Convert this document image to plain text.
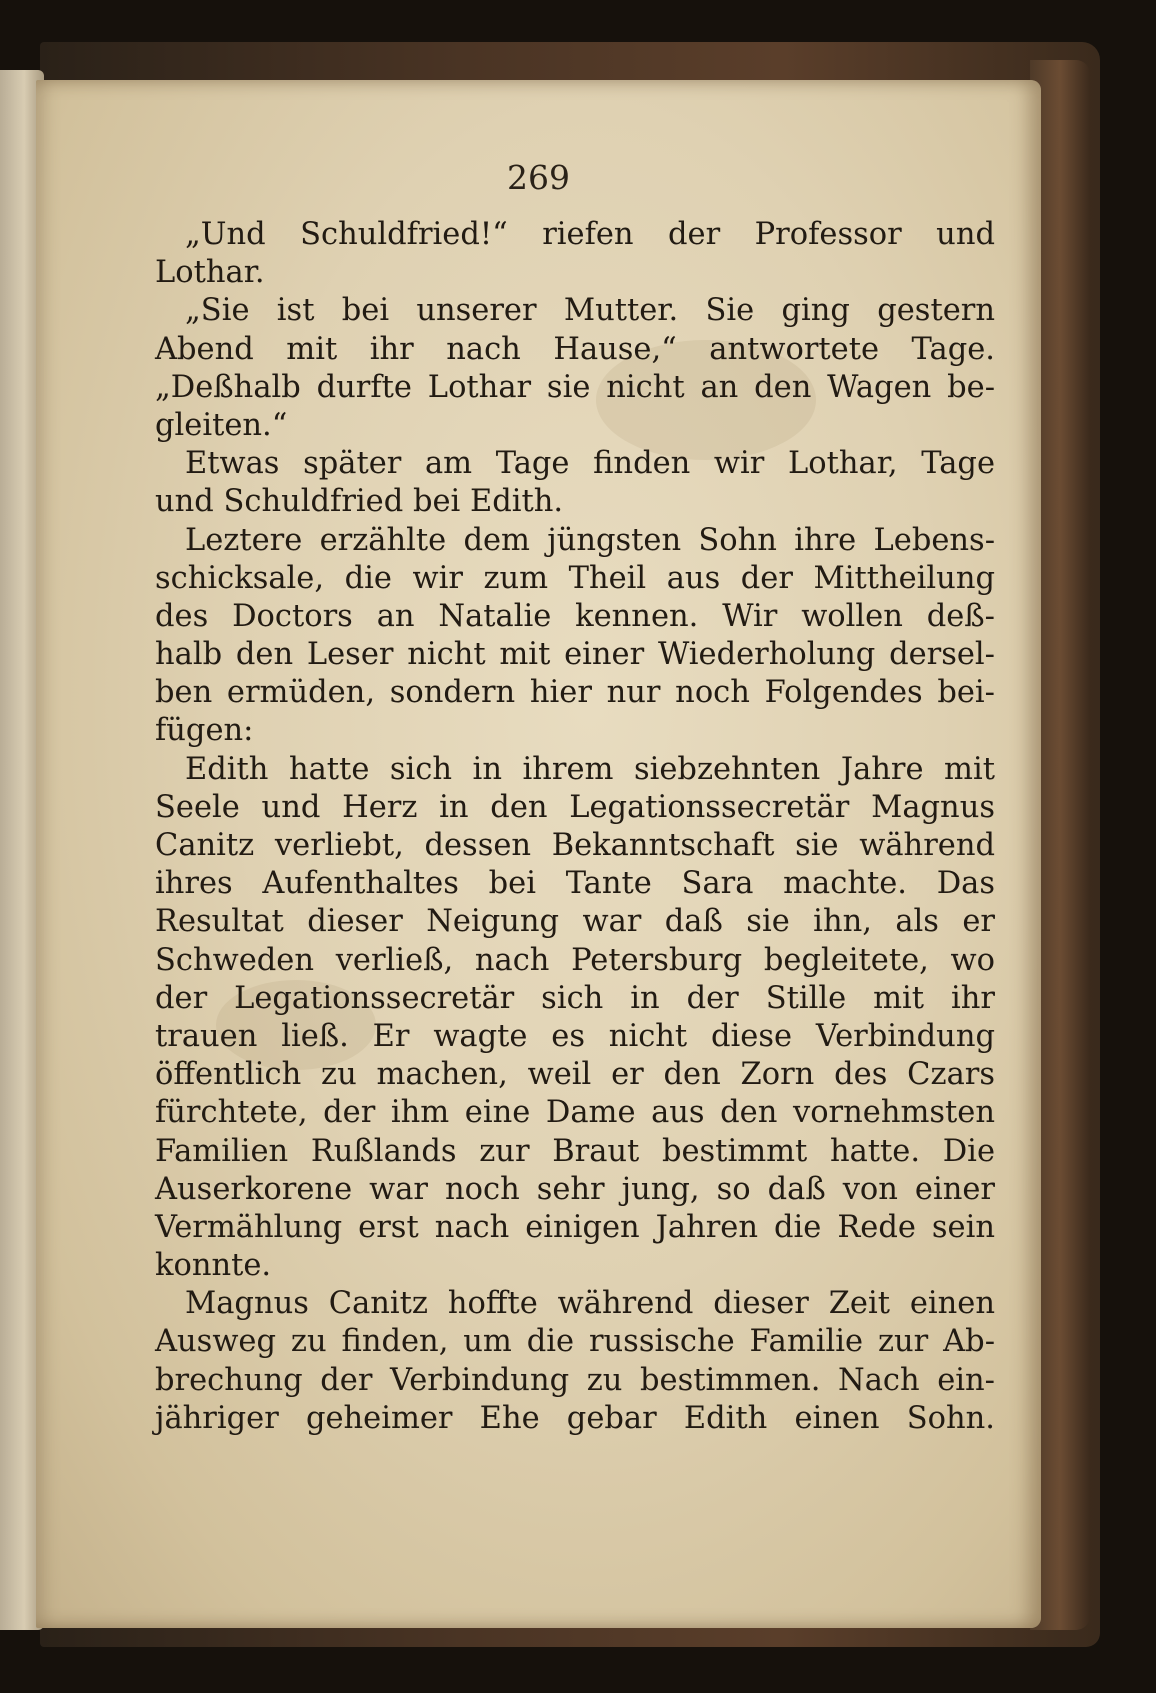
269
„Und Schuldfried!“ riefen der Professor und
Lothar.
„Sie ist bei unserer Mutter. Sie ging gestern
Abend mit ihr nach Hause,“ antwortete Tage.
„Deßhalb durfte Lothar sie nicht an den Wagen be-
gleiten.“
Etwas später am Tage finden wir Lothar, Tage
und Schuldfried bei Edith.
Leztere erzählte dem jüngsten Sohn ihre Lebens-
schicksale, die wir zum Theil aus der Mittheilung
des Doctors an Natalie kennen. Wir wollen deß-
halb den Leser nicht mit einer Wiederholung dersel-
ben ermüden, sondern hier nur noch Folgendes bei-
fügen:
Edith hatte sich in ihrem siebzehnten Jahre mit
Seele und Herz in den Legationssecretär Magnus
Canitz verliebt, dessen Bekanntschaft sie während
ihres Aufenthaltes bei Tante Sara machte. Das
Resultat dieser Neigung war daß sie ihn, als er
Schweden verließ, nach Petersburg begleitete, wo
der Legationssecretär sich in der Stille mit ihr
trauen ließ. Er wagte es nicht diese Verbindung
öffentlich zu machen, weil er den Zorn des Czars
fürchtete, der ihm eine Dame aus den vornehmsten
Familien Rußlands zur Braut bestimmt hatte. Die
Auserkorene war noch sehr jung, so daß von einer
Vermählung erst nach einigen Jahren die Rede sein
konnte.
Magnus Canitz hoffte während dieser Zeit einen
Ausweg zu finden, um die russische Familie zur Ab-
brechung der Verbindung zu bestimmen. Nach ein-
jähriger geheimer Ehe gebar Edith einen Sohn.
